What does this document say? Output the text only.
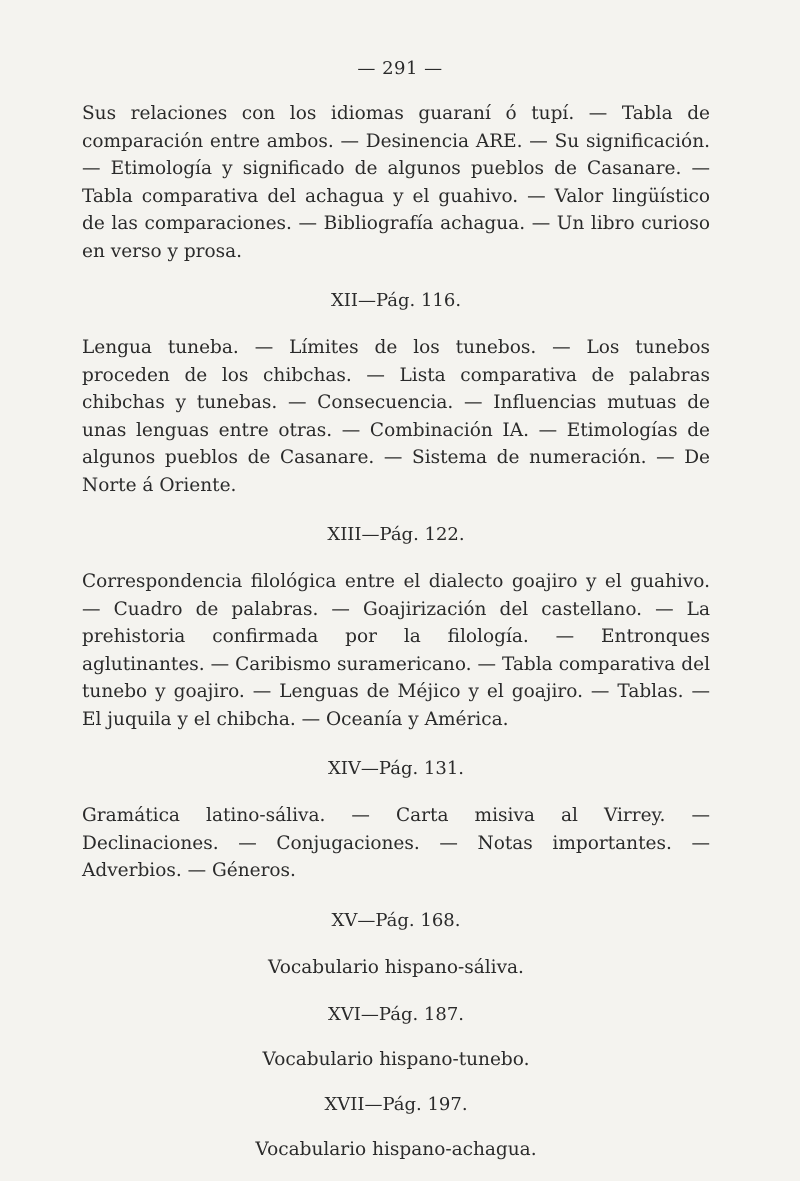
— 291 —

Sus relaciones con los idiomas guaraní ó tupí. — Tabla de comparación entre ambos. — Desinencia ARE. — Su significación. — Etimología y significado de algunos pueblos de Casanare. — Tabla comparativa del achagua y el guahivo. — Valor lingüístico de las comparaciones. — Bibliografía achagua. — Un libro curioso en verso y prosa.

XII—Pág. 116.

Lengua tuneba. — Límites de los tunebos. — Los tunebos proceden de los chibchas. — Lista comparativa de palabras chibchas y tunebas. — Consecuencia. — Influencias mutuas de unas lenguas entre otras. — Combinación IA. — Etimologías de algunos pueblos de Casanare. — Sistema de numeración. — De Norte á Oriente.

XIII—Pág. 122.

Correspondencia filológica entre el dialecto goajiro y el guahivo. — Cuadro de palabras. — Goajirización del castellano. — La prehistoria confirmada por la filología. — Entronques aglutinantes. — Caribismo suramericano. — Tabla comparativa del tunebo y goajiro. — Lenguas de Méjico y el goajiro. — Tablas. — El juquila y el chibcha. — Oceanía y América.

XIV—Pág. 131.

Gramática latino-sáliva. — Carta misiva al Virrey. — Declinaciones. — Conjugaciones. — Notas importantes. — Adverbios. — Géneros.

XV—Pág. 168.

Vocabulario hispano-sáliva.

XVI—Pág. 187.

Vocabulario hispano-tunebo.

XVII—Pág. 197.

Vocabulario hispano-achagua.
